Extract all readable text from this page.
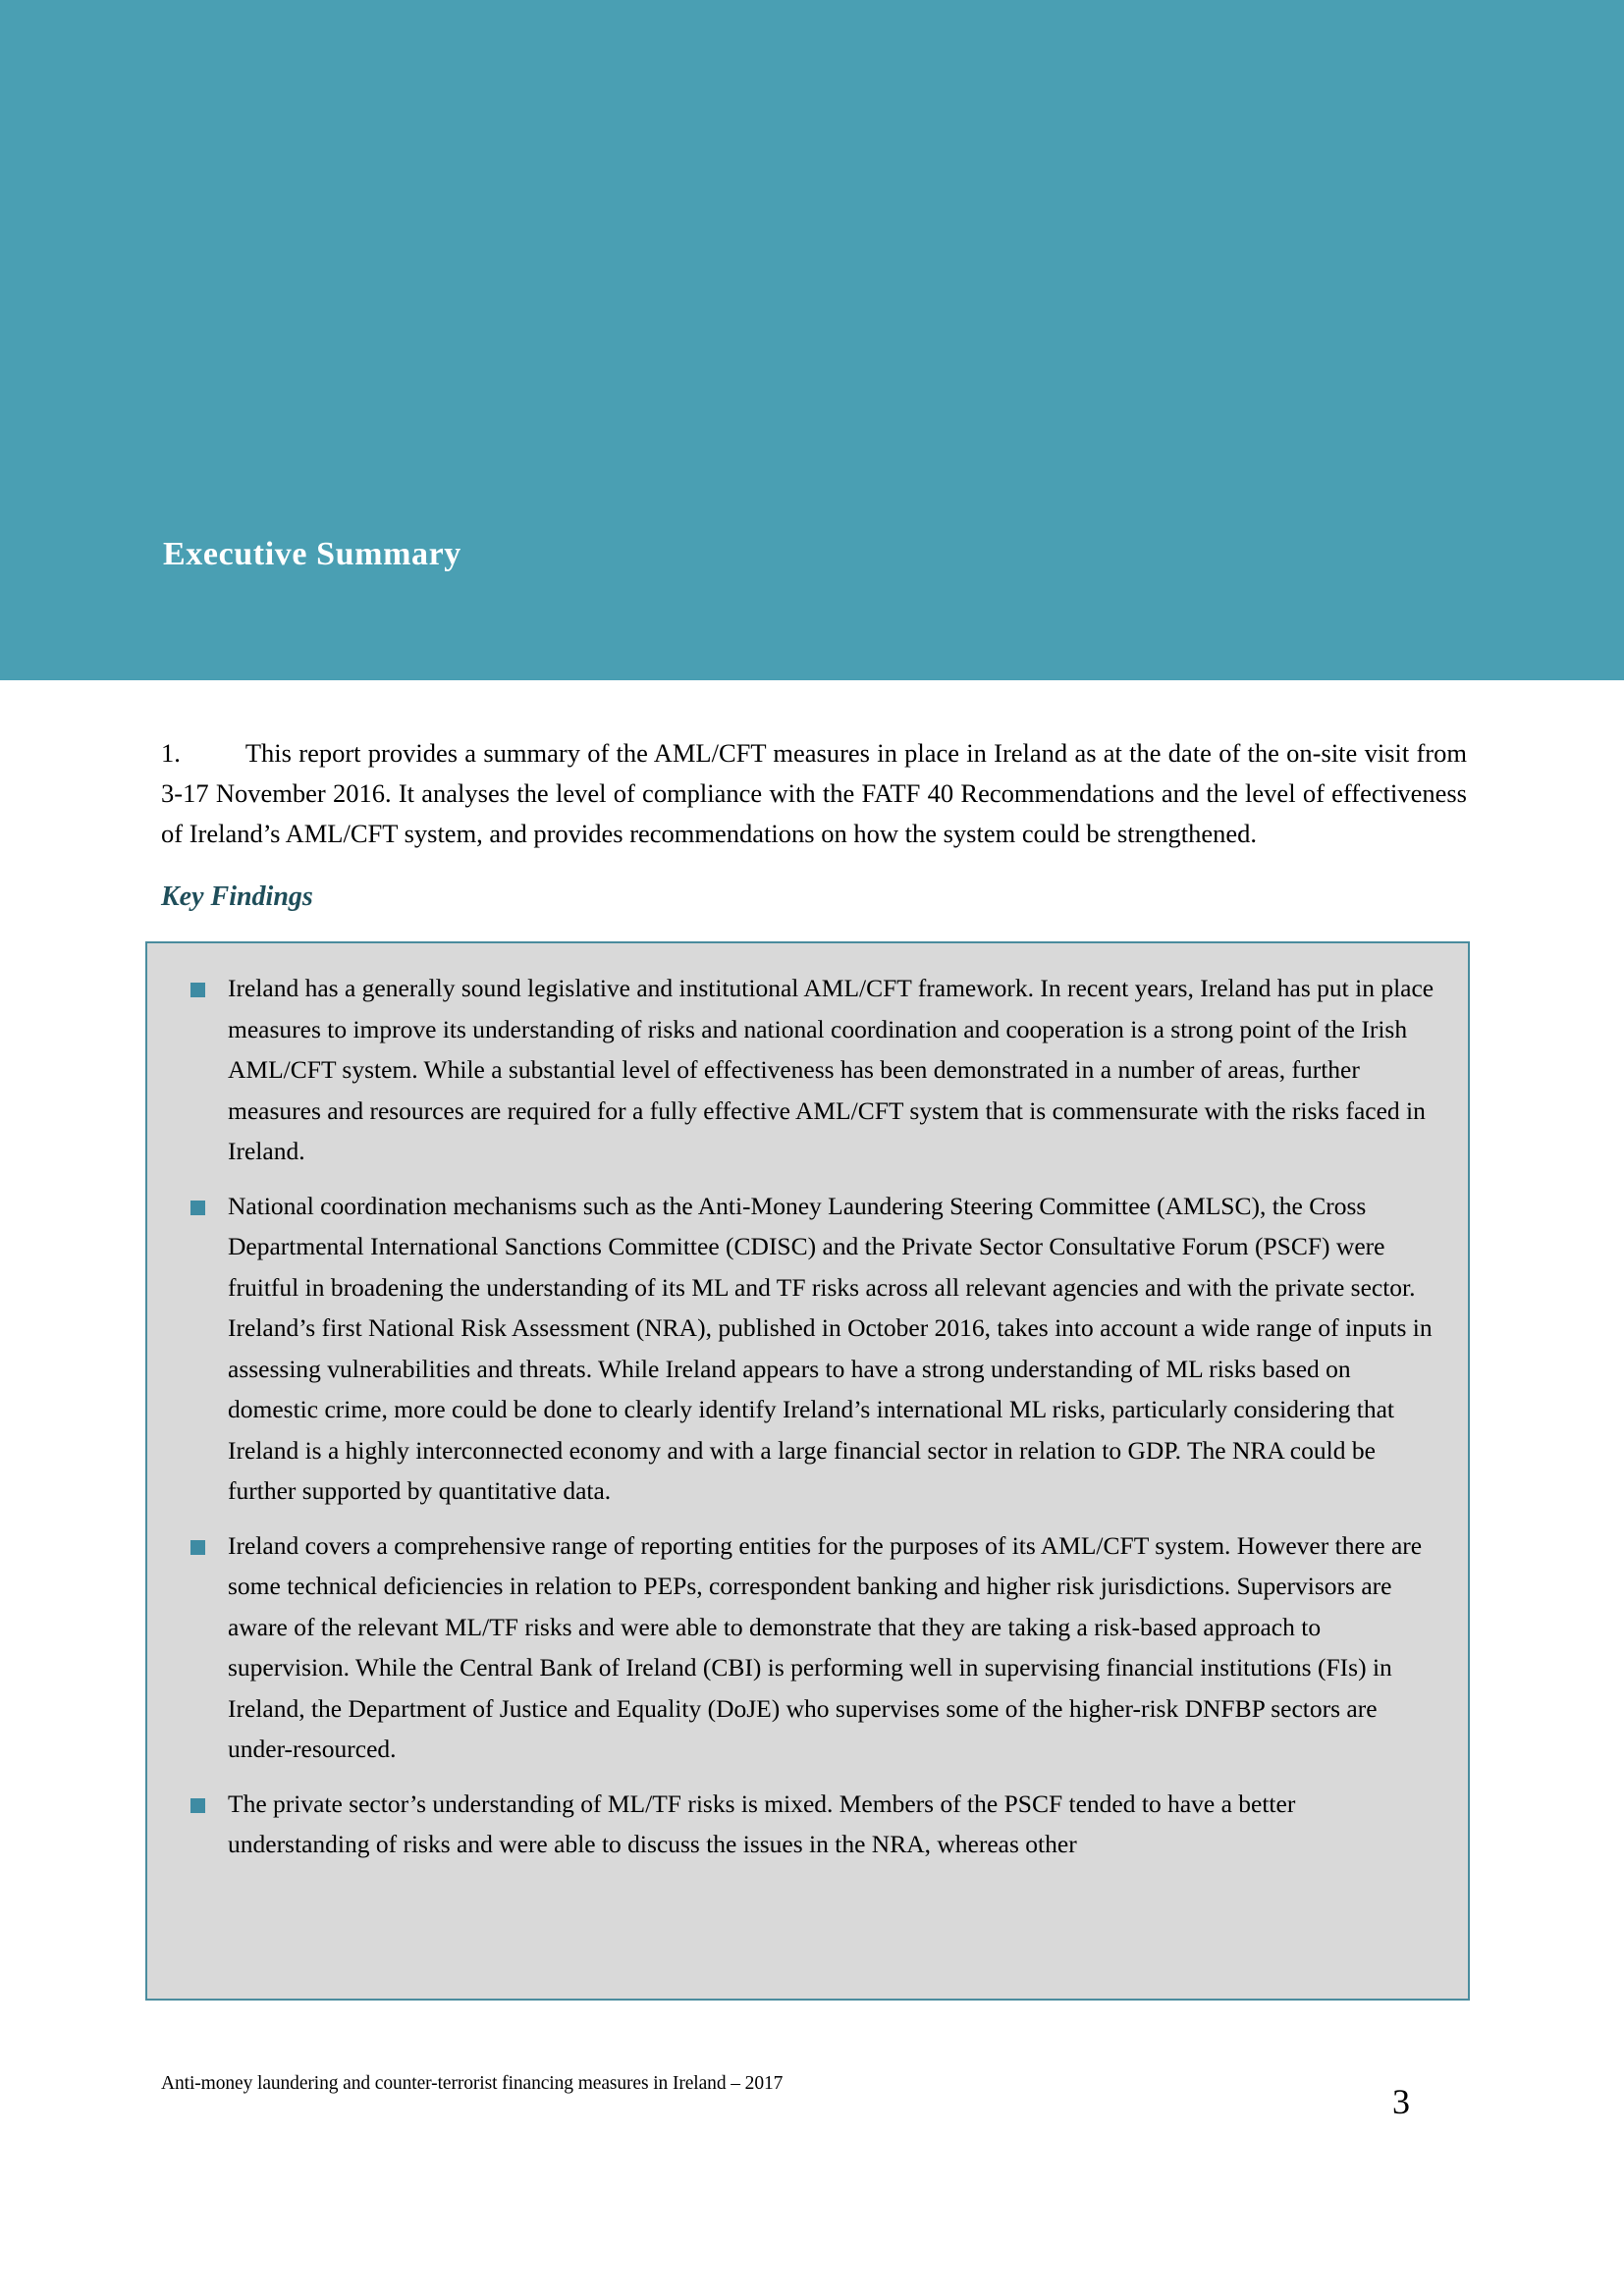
Executive Summary

1. This report provides a summary of the AML/CFT measures in place in Ireland as at the date of the on-site visit from 3-17 November 2016. It analyses the level of compliance with the FATF 40 Recommendations and the level of effectiveness of Ireland’s AML/CFT system, and provides recommendations on how the system could be strengthened.

Key Findings
Ireland has a generally sound legislative and institutional AML/CFT framework. In recent years, Ireland has put in place measures to improve its understanding of risks and national coordination and cooperation is a strong point of the Irish AML/CFT system. While a substantial level of effectiveness has been demonstrated in a number of areas, further measures and resources are required for a fully effective AML/CFT system that is commensurate with the risks faced in Ireland.
National coordination mechanisms such as the Anti-Money Laundering Steering Committee (AMLSC), the Cross Departmental International Sanctions Committee (CDISC) and the Private Sector Consultative Forum (PSCF) were fruitful in broadening the understanding of its ML and TF risks across all relevant agencies and with the private sector. Ireland’s first National Risk Assessment (NRA), published in October 2016, takes into account a wide range of inputs in assessing vulnerabilities and threats. While Ireland appears to have a strong understanding of ML risks based on domestic crime, more could be done to clearly identify Ireland’s international ML risks, particularly considering that Ireland is a highly interconnected economy and with a large financial sector in relation to GDP. The NRA could be further supported by quantitative data.
Ireland covers a comprehensive range of reporting entities for the purposes of its AML/CFT system. However there are some technical deficiencies in relation to PEPs, correspondent banking and higher risk jurisdictions. Supervisors are aware of the relevant ML/TF risks and were able to demonstrate that they are taking a risk-based approach to supervision. While the Central Bank of Ireland (CBI) is performing well in supervising financial institutions (FIs) in Ireland, the Department of Justice and Equality (DoJE) who supervises some of the higher-risk DNFBP sectors are under-resourced.
The private sector’s understanding of ML/TF risks is mixed. Members of the PSCF tended to have a better understanding of risks and were able to discuss the issues in the NRA, whereas other
Anti-money laundering and counter-terrorist financing measures in Ireland – 2017	3
